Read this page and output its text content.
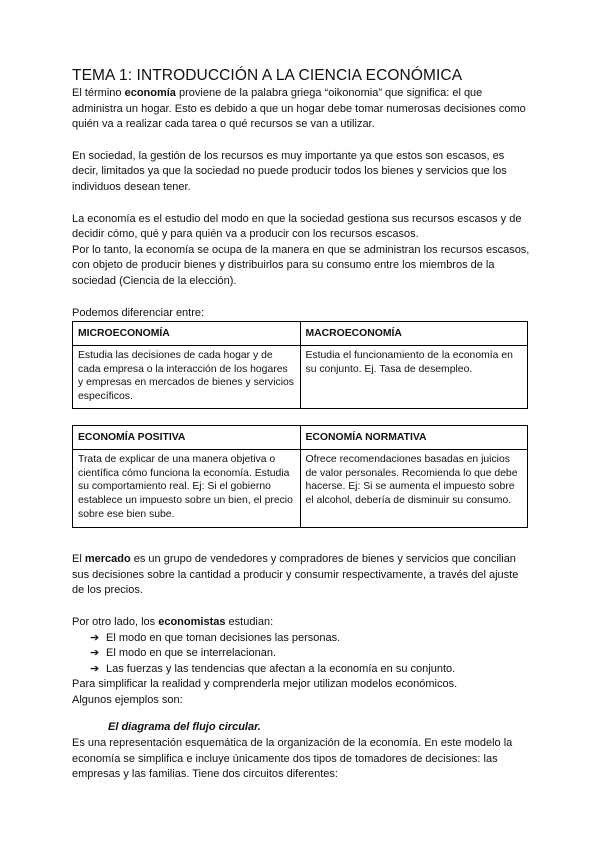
TEMA 1: INTRODUCCIÓN A LA CIENCIA ECONÓMICA

El término economía proviene de la palabra griega “oikonomia” que significa: el que administra un hogar. Esto es debido a que un hogar debe tomar numerosas decisiones como quién va a realizar cada tarea o qué recursos se van a utilizar.

En sociedad, la gestión de los recursos es muy importante ya que estos son escasos, es decir, limitados ya que la sociedad no puede producir todos los bienes y servicios que los individuos desean tener.

La economía es el estudio del modo en que la sociedad gestiona sus recursos escasos y de decidir cómo, qué y para quién va a producir con los recursos escasos.

Por lo tanto, la economía se ocupa de la manera en que se administran los recursos escasos, con objeto de producir bienes y distribuirlos para su consumo entre los miembros de la sociedad (Ciencia de la elección).

Podemos diferenciar entre:

MICROECONOMÍA	MACROECONOMÍA
Estudia las decisiones de cada hogar y de cada empresa o la interacción de los hogares y empresas en mercados de bienes y servicios específicos.	Estudia el funcionamiento de la economía en su conjunto. Ej. Tasa de desempleo.
ECONOMÍA POSITIVA	ECONOMÍA NORMATIVA
Trata de explicar de una manera objetiva o científica cómo funciona la economía. Estudia su comportamiento real. Ej: Si el gobierno establece un impuesto sobre un bien, el precio sobre ese bien sube.	Ofrece recomendaciones basadas en juicios de valor personales. Recomienda lo que debe hacerse. Ej: Si se aumenta el impuesto sobre el alcohol, debería de disminuir su consumo.

El mercado es un grupo de vendedores y compradores de bienes y servicios que concilian sus decisiones sobre la cantidad a producir y consumir respectivamente, a través del ajuste de los precios.

Por otro lado, los economistas estudian:

➔ El modo en que toman decisiones las personas.
➔ El modo en que se interrelacionan.
➔ Las fuerzas y las tendencias que afectan a la economía en su conjunto.

Para simplificar la realidad y comprenderla mejor utilizan modelos económicos.

Algunos ejemplos son:

El diagrama del flujo circular.

Es una representación esquemática de la organización de la economía. En este modelo la economía se simplifica e incluye únicamente dos tipos de tomadores de decisiones: las empresas y las familias. Tiene dos circuitos diferentes:
